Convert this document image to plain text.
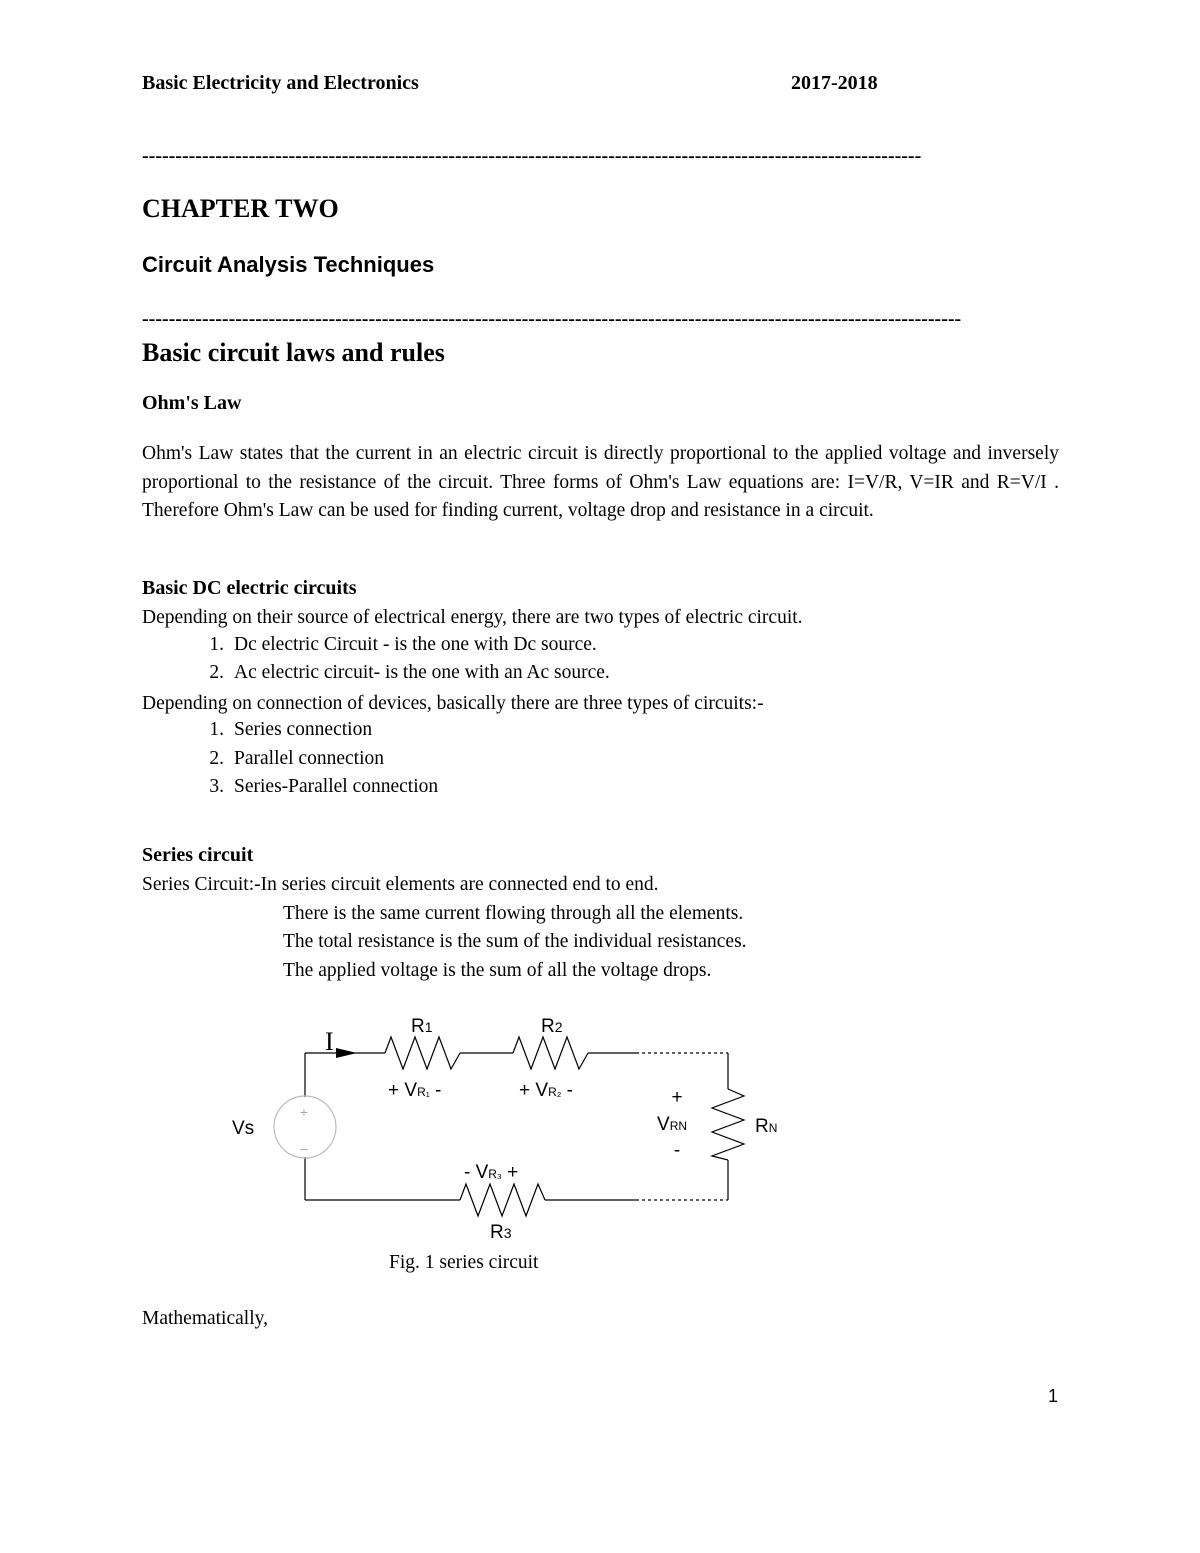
Basic Electricity and Electronics	2017-2018
---------------------------------------------------------------------------------------------------------------------
CHAPTER TWO
Circuit Analysis Techniques
---------------------------------------------------------------------------------------------------------------------------
Basic circuit laws and rules
Ohm's Law
Ohm's Law states that the current in an electric circuit is directly proportional to the applied voltage and inversely proportional to the resistance of the circuit. Three forms of Ohm's Law equations are: I=V/R, V=IR and R=V/I . Therefore Ohm's Law can be used for finding current, voltage drop and resistance in a circuit.
Basic DC electric circuits
Depending on their source of electrical energy, there are two types of electric circuit.
1. Dc electric Circuit - is the one with Dc source.
2. Ac electric circuit- is the one with an Ac source.
Depending on connection of devices, basically there are three types of circuits:-
1. Series connection
2. Parallel connection
3. Series-Parallel connection
Series circuit
Series Circuit:-In series circuit elements are connected end to end.
There is the same current flowing through all the elements.
The total resistance is the sum of the individual resistances.
The applied voltage is the sum of all the voltage drops.
+
–
I
Vs
R1	R2
+ VR₁ -	+ VR₂ -	+
VRN
-
RN
- VR₃ +
R3
Fig. 1 series circuit
Mathematically,
1
